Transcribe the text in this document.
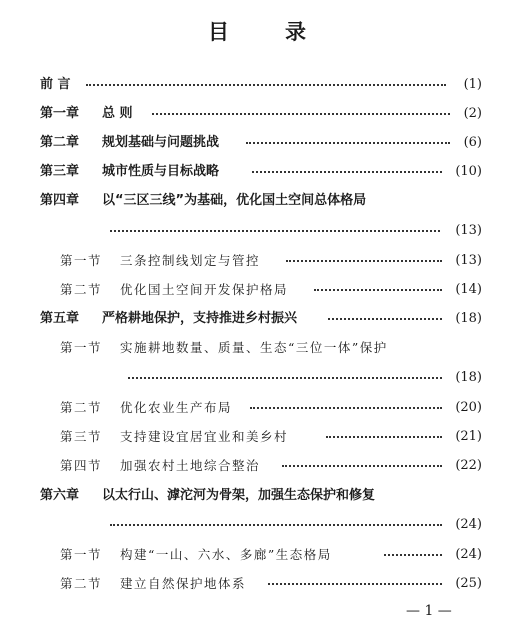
目	录
前 言	(1)
第一章 总 则	(2)
第二章 规划基础与问题挑战	(6)
第三章 城市性质与目标战略	(10)
第四章 以“三区三线”为基础，优化国土空间总体格局
(13)
第一节 三条控制线划定与管控	(13)
第二节 优化国土空间开发保护格局	(14)
第五章 严格耕地保护，支持推进乡村振兴	(18)
第一节 实施耕地数量、质量、生态“三位一体”保护
(18)
第二节 优化农业生产布局	(20)
第三节 支持建设宜居宜业和美乡村	(21)
第四节 加强农村土地综合整治	(22)
第六章 以太行山、滹沱河为骨架，加强生态保护和修复
(24)
第一节 构建“一山、六水、多廊”生态格局	(24)
第二节 建立自然保护地体系	(25)
— 1 —
